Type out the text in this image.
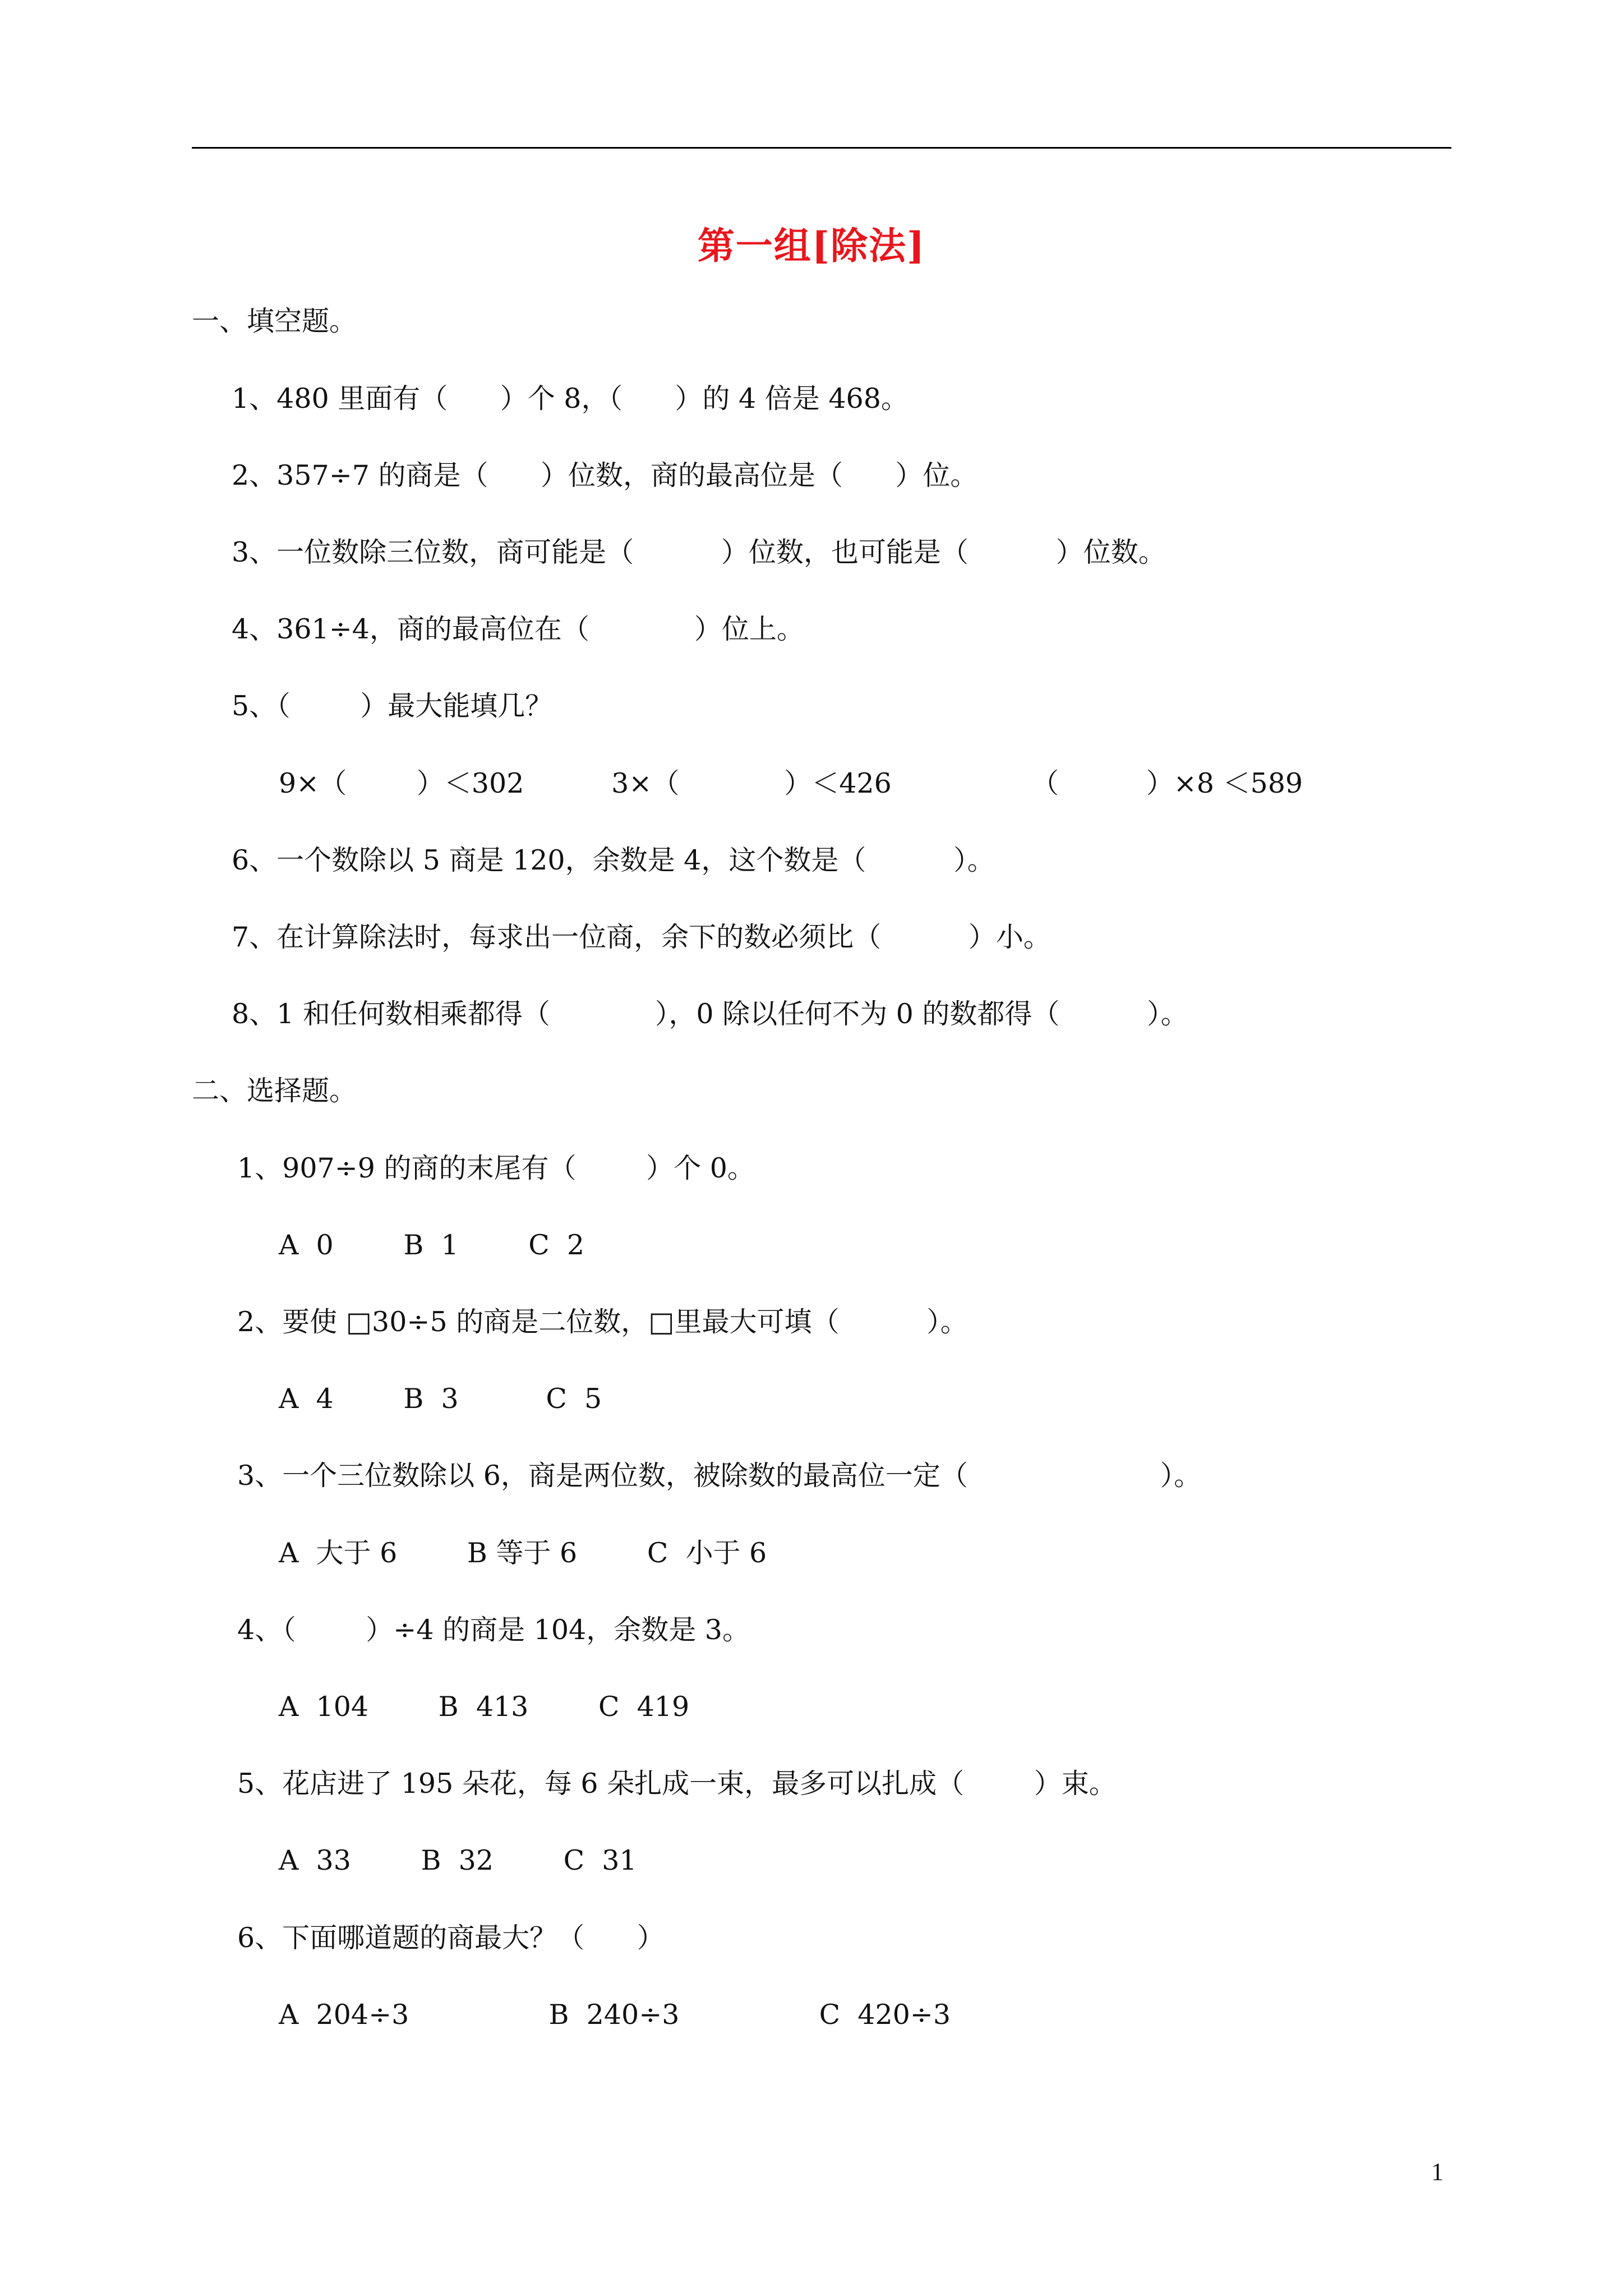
第一组[除法]
一、填空题。
1、480 里面有（      ）个 8，（      ）的 4 倍是 468。
2、357÷7 的商是（      ）位数，商的最高位是（      ）位。
3、一位数除三位数，商可能是（          ）位数，也可能是（          ）位数。
4、361÷4，商的最高位在（            ）位上。
5、（        ）最大能填几？
9×（        ）＜302          3×（            ）＜426                （          ）×8 ＜589
6、一个数除以 5 商是 120，余数是 4，这个数是（          ）。
7、在计算除法时，每求出一位商，余下的数必须比（          ）小。
8、1 和任何数相乘都得（            ），0 除以任何不为 0 的数都得（          ）。
二、选择题。
1、907÷9 的商的末尾有（        ）个 0。
A  0        B  1        C  2
2、要使 □30÷5 的商是二位数，□里最大可填（          ）。
A  4        B  3          C  5
3、一个三位数除以 6，商是两位数，被除数的最高位一定（                      ）。
A  大于 6        B 等于 6        C  小于 6
4、（        ）÷4 的商是 104，余数是 3。
A  104        B  413        C  419
5、花店进了 195 朵花，每 6 朵扎成一束，最多可以扎成（        ）束。
A  33        B  32        C  31
6、下面哪道题的商最大？（      ）
A  204÷3                B  240÷3                C  420÷3
1
